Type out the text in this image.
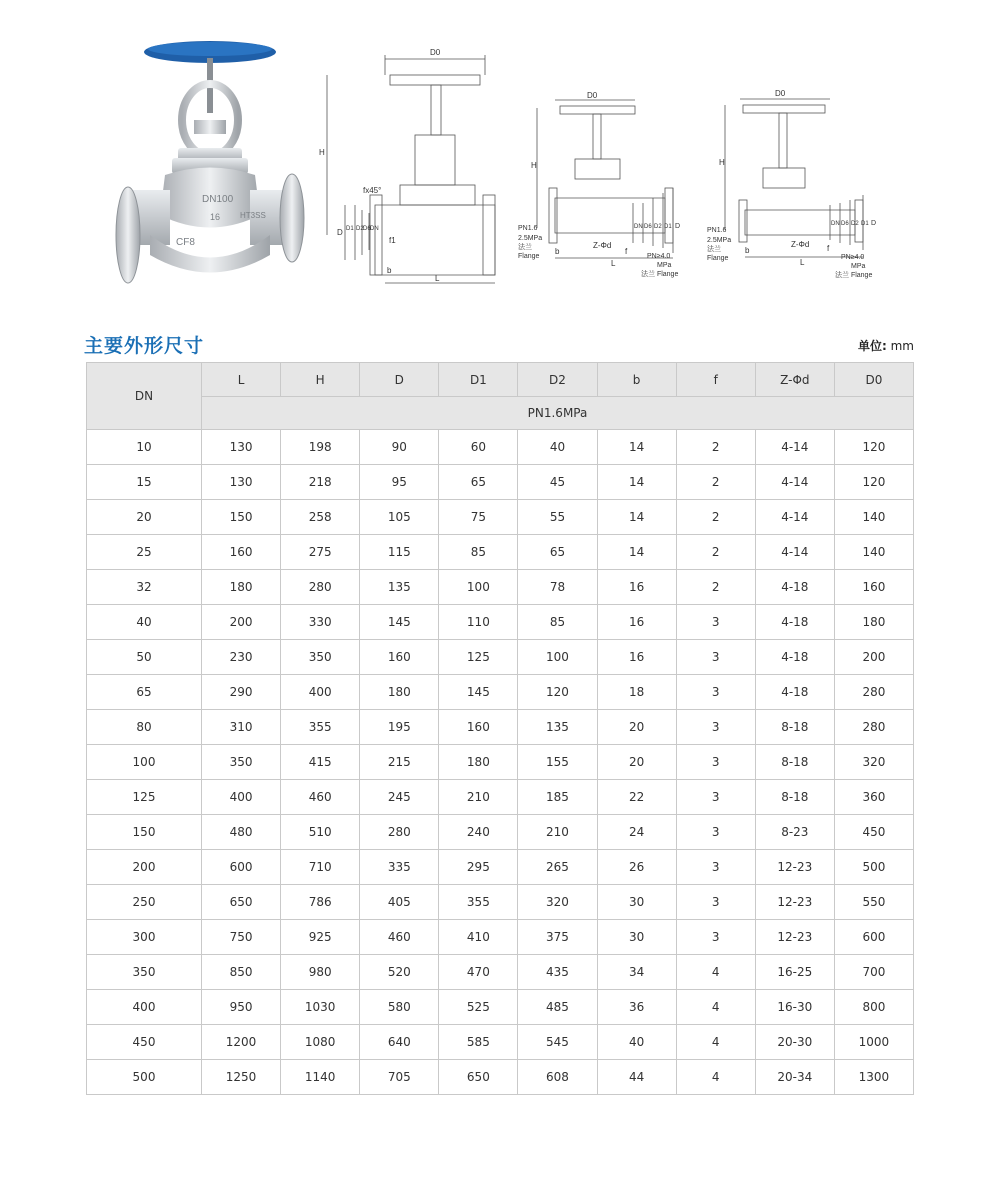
DN100
16
CF8
HT3SS
D0
H
fx45°
D D1 D2 D6 DN
f1
b
L
D0
H
PN1.6
2.5MPa
法兰
Flange
b
L
Z-Φd
f
PN≥4.0
MPa
法兰 Flange
DN D6 D2 D1 D
D0
H
PN1.6
2.5MPa
法兰
Flange
b
L
Z-Φd f
PN≥4.0
MPa
法兰 Flange
DN D6 D2 D1 D
主要外形尺寸	单位: mm
DN	L	H	D	D1	D2	b	f	Z-Φd	D0
	PN1.6MPa								
10	130	198	90	60	40	14	2	4-14	120
15	130	218	95	65	45	14	2	4-14	120
20	150	258	105	75	55	14	2	4-14	140
25	160	275	115	85	65	14	2	4-14	140
32	180	280	135	100	78	16	2	4-18	160
40	200	330	145	110	85	16	3	4-18	180
50	230	350	160	125	100	16	3	4-18	200
65	290	400	180	145	120	18	3	4-18	280
80	310	355	195	160	135	20	3	8-18	280
100	350	415	215	180	155	20	3	8-18	320
125	400	460	245	210	185	22	3	8-18	360
150	480	510	280	240	210	24	3	8-23	450
200	600	710	335	295	265	26	3	12-23	500
250	650	786	405	355	320	30	3	12-23	550
300	750	925	460	410	375	30	3	12-23	600
350	850	980	520	470	435	34	4	16-25	700
400	950	1030	580	525	485	36	4	16-30	800
450	1200	1080	640	585	545	40	4	20-30	1000
500	1250	1140	705	650	608	44	4	20-34	1300
